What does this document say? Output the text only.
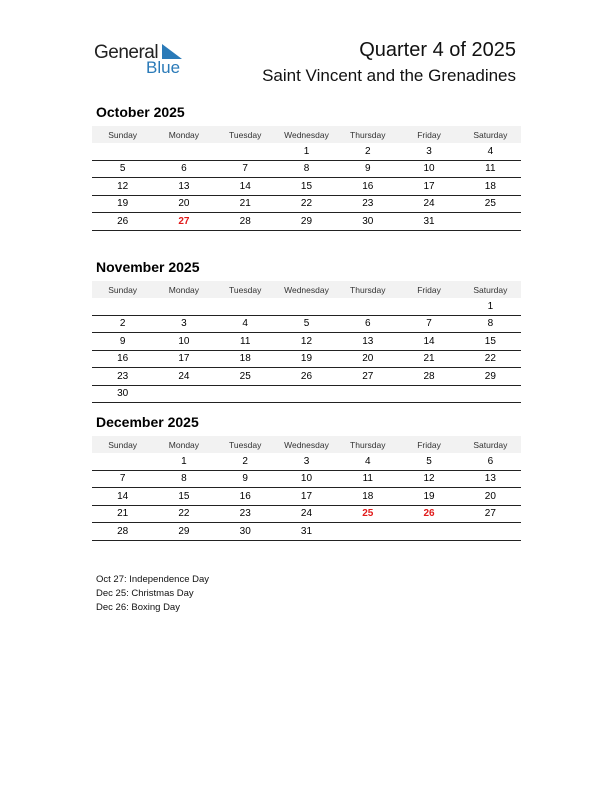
General
Blue
Quarter 4 of 2025
Saint Vincent and the Grenadines
October 2025
Sunday	Monday	Tuesday	Wednesday	Thursday	Friday	Saturday
			1	2	3	4
5	6	7	8	9	10	11
12	13	14	15	16	17	18
19	20	21	22	23	24	25
26	27	28	29	30	31	
November 2025
Sunday	Monday	Tuesday	Wednesday	Thursday	Friday	Saturday
						1
2	3	4	5	6	7	8
9	10	11	12	13	14	15
16	17	18	19	20	21	22
23	24	25	26	27	28	29
30						
December 2025
Sunday	Monday	Tuesday	Wednesday	Thursday	Friday	Saturday
	1	2	3	4	5	6
7	8	9	10	11	12	13
14	15	16	17	18	19	20
21	22	23	24	25	26	27
28	29	30	31			
Oct 27: Independence Day
Dec 25: Christmas Day
Dec 26: Boxing Day
